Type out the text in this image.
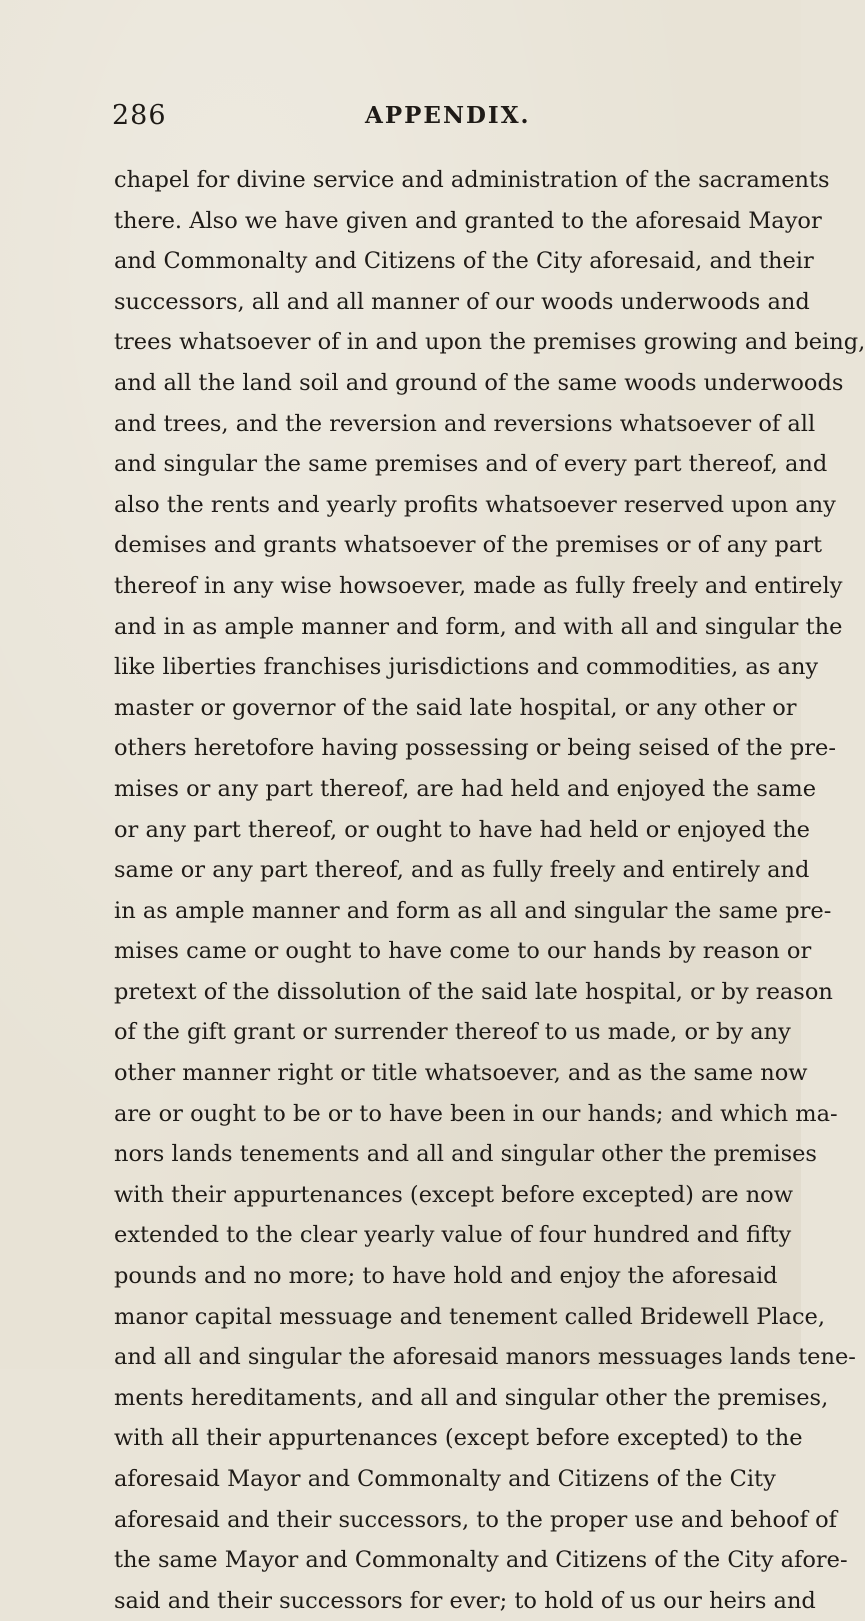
286	APPENDIX.
chapel for divine service and administration of the sacraments
there. Also we have given and granted to the aforesaid Mayor
and Commonalty and Citizens of the City aforesaid, and their
successors, all and all manner of our woods underwoods and
trees whatsoever of in and upon the premises growing and being,
and all the land soil and ground of the same woods underwoods
and trees, and the reversion and reversions whatsoever of all
and singular the same premises and of every part thereof, and
also the rents and yearly profits whatsoever reserved upon any
demises and grants whatsoever of the premises or of any part
thereof in any wise howsoever, made as fully freely and entirely
and in as ample manner and form, and with all and singular the
like liberties franchises jurisdictions and commodities, as any
master or governor of the said late hospital, or any other or
others heretofore having possessing or being seised of the pre-
mises or any part thereof, are had held and enjoyed the same
or any part thereof, or ought to have had held or enjoyed the
same or any part thereof, and as fully freely and entirely and
in as ample manner and form as all and singular the same pre-
mises came or ought to have come to our hands by reason or
pretext of the dissolution of the said late hospital, or by reason
of the gift grant or surrender thereof to us made, or by any
other manner right or title whatsoever, and as the same now
are or ought to be or to have been in our hands; and which ma-
nors lands tenements and all and singular other the premises
with their appurtenances (except before excepted) are now
extended to the clear yearly value of four hundred and fifty
pounds and no more; to have hold and enjoy the aforesaid
manor capital messuage and tenement called Bridewell Place,
and all and singular the aforesaid manors messuages lands tene-
ments hereditaments, and all and singular other the premises,
with all their appurtenances (except before excepted) to the
aforesaid Mayor and Commonalty and Citizens of the City
aforesaid and their successors, to the proper use and behoof of
the same Mayor and Commonalty and Citizens of the City afore-
said and their successors for ever; to hold of us our heirs and
